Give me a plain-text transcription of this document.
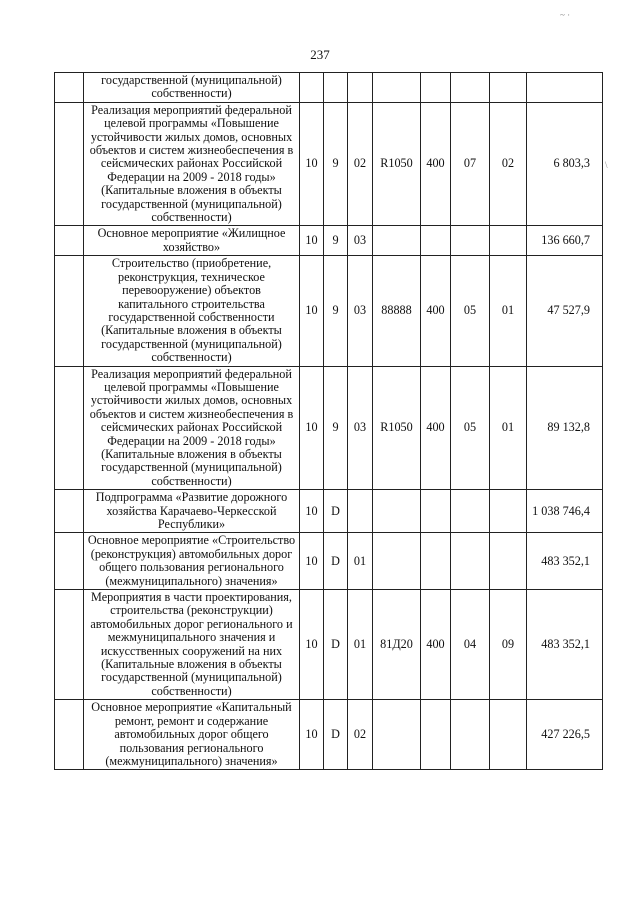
237
~ ·
\
	государственной (муниципальной) собственности)								
	Реализация мероприятий федеральной целевой программы «Повышение устойчивости жилых домов, основных объектов и систем жизнеобеспечения в сейсмических районах Российской Федерации на 2009 - 2018 годы» (Капитальные вложения в объекты государственной (муниципальной) собственности)	10	9	02	R1050	400	07	02	6 803,3
	Основное мероприятие «Жилищное хозяйство»	10	9	03					136 660,7
	Строительство (приобретение, реконструкция, техническое перевооружение) объектов капитального строительства государственной собственности (Капитальные вложения в объекты государственной (муниципальной) собственности)	10	9	03	88888	400	05	01	47 527,9
	Реализация мероприятий федеральной целевой программы «Повышение устойчивости жилых домов, основных объектов и систем жизнеобеспечения в сейсмических районах Российской Федерации на 2009 - 2018 годы» (Капитальные вложения в объекты государственной (муниципальной) собственности)	10	9	03	R1050	400	05	01	89 132,8
	Подпрограмма «Развитие дорожного хозяйства Карачаево-Черкесской Республики»	10	D						1 038 746,4
	Основное мероприятие «Строительство (реконструкция) автомобильных дорог общего пользования регионального (межмуниципального) значения»	10	D	01					483 352,1
	Мероприятия в части проектирования, строительства (реконструкции) автомобильных дорог регионального и межмуниципального значения и искусственных сооружений на них (Капитальные вложения в объекты государственной (муниципальной) собственности)	10	D	01	81Д20	400	04	09	483 352,1
	Основное мероприятие «Капитальный ремонт, ремонт и содержание автомобильных дорог общего пользования регионального (межмуниципального) значения»	10	D	02					427 226,5
